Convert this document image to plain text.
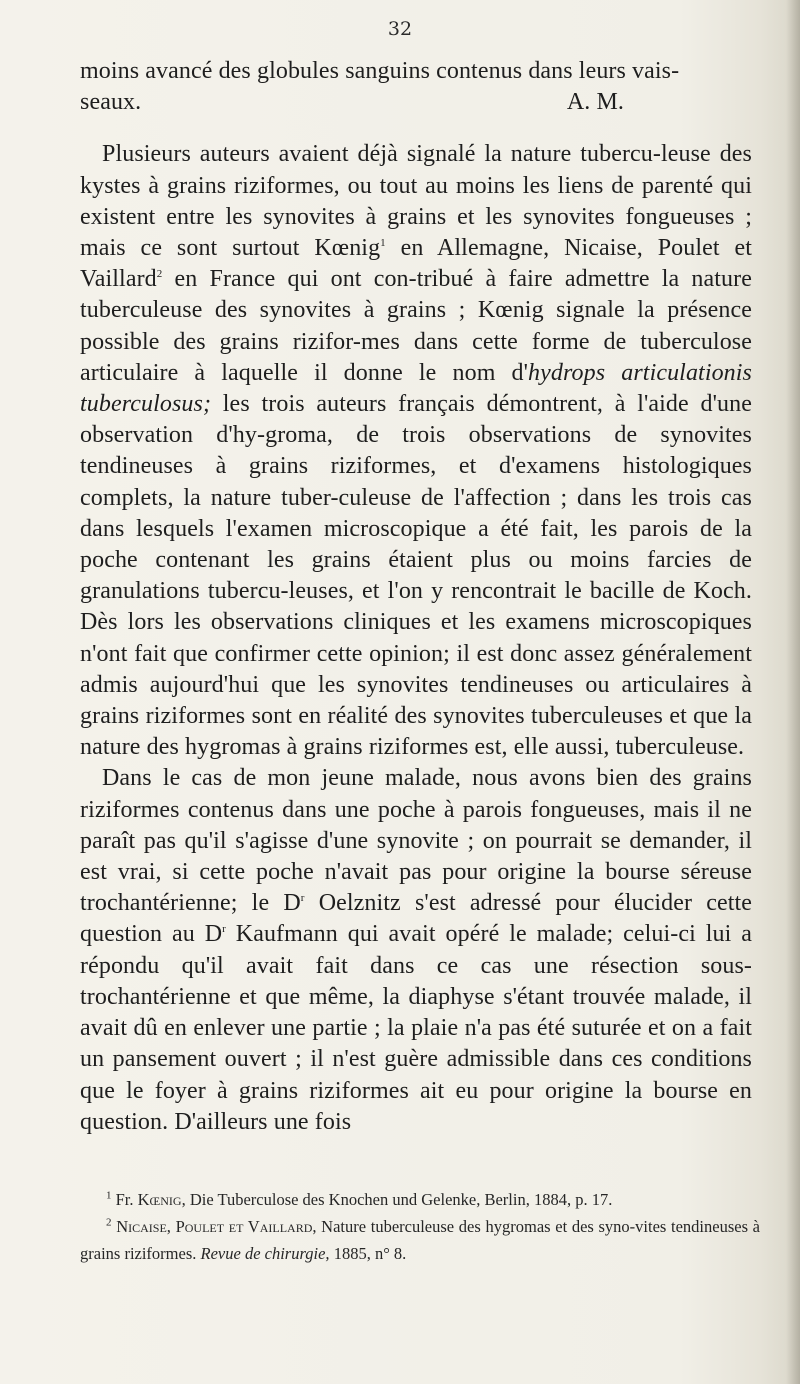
32

moins avancé des globules sanguins contenus dans leurs vais-

seaux.	A. M.

Plusieurs auteurs avaient déjà signalé la nature tubercu-leuse des kystes à grains riziformes, ou tout au moins les liens de parenté qui existent entre les synovites à grains et les synovites fongueuses ; mais ce sont surtout Kœnig$^1$ en Allemagne, Nicaise, Poulet et Vaillard$^2$ en France qui ont con-tribué à faire admettre la nature tuberculeuse des synovites à grains ; Kœnig signale la présence possible des grains rizifor-mes dans cette forme de tuberculose articulaire à laquelle il donne le nom d'hydrops articulationis tuberculosus; les trois auteurs français démontrent, à l'aide d'une observation d'hy-groma, de trois observations de synovites tendineuses à grains riziformes, et d'examens histologiques complets, la nature tuber-culeuse de l'affection ; dans les trois cas dans lesquels l'examen microscopique a été fait, les parois de la poche contenant les grains étaient plus ou moins farcies de granulations tubercu-leuses, et l'on y rencontrait le bacille de Koch. Dès lors les observations cliniques et les examens microscopiques n'ont fait que confirmer cette opinion; il est donc assez généralement admis aujourd'hui que les synovites tendineuses ou articulaires à grains riziformes sont en réalité des synovites tuberculeuses et que la nature des hygromas à grains riziformes est, elle aussi, tuberculeuse.

Dans le cas de mon jeune malade, nous avons bien des grains riziformes contenus dans une poche à parois fongueuses, mais il ne paraît pas qu'il s'agisse d'une synovite ; on pourrait se demander, il est vrai, si cette poche n'avait pas pour origine la bourse séreuse trochantérienne; le $D^r$ Oelznitz s'est adressé pour élucider cette question au $D^r$ Kaufmann qui avait opéré le malade; celui-ci lui a répondu qu'il avait fait dans ce cas une résection sous-trochantérienne et que même, la diaphyse s'étant trouvée malade, il avait dû en enlever une partie ; la plaie n'a pas été suturée et on a fait un pansement ouvert ; il n'est guère admissible dans ces conditions que le foyer à grains riziformes ait eu pour origine la bourse en question. D'ailleurs une fois

$^1$ Fr. Kœnig, Die Tuberculose des Knochen und Gelenke, Berlin, 1884, p. 17.

$^2$ Nicaise, Poulet et Vaillard, Nature tuberculeuse des hygromas et des syno-vites tendineuses à grains riziformes. Revue de chirurgie, 1885, n° 8.
